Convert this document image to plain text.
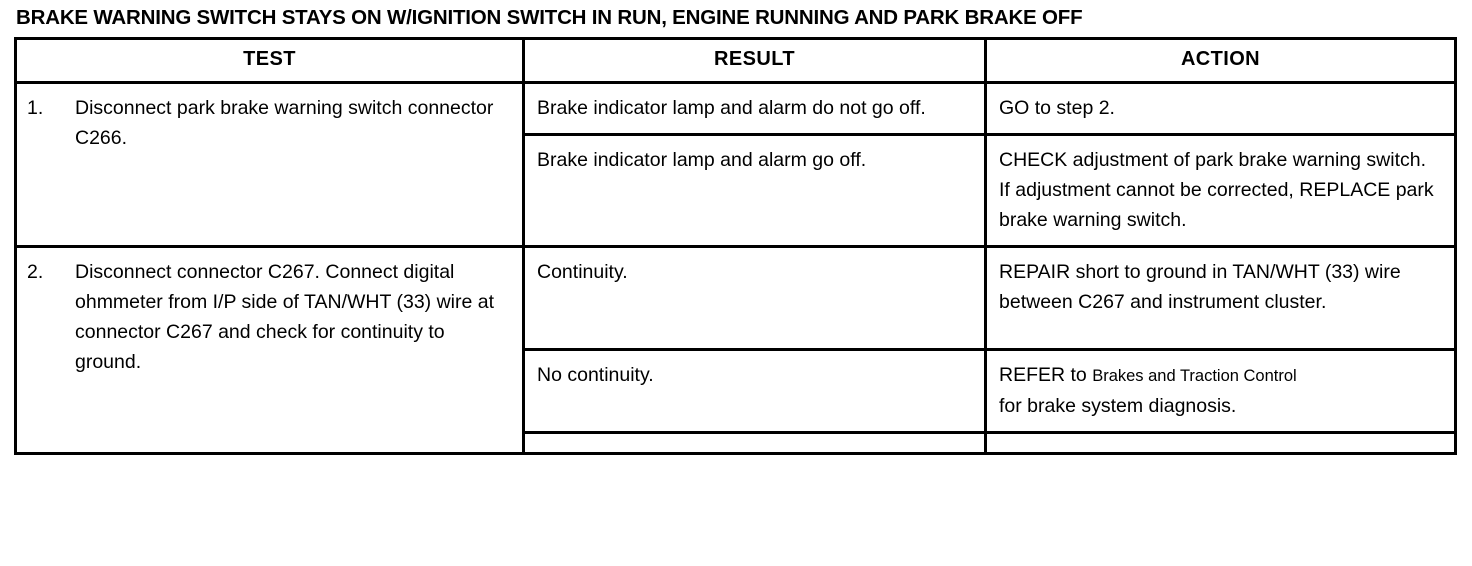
BRAKE WARNING SWITCH STAYS ON W/IGNITION SWITCH IN RUN, ENGINE RUNNING AND PARK BRAKE OFF
TEST	RESULT	ACTION

1. Disconnect park brake warning switch connector C266.	Brake indicator lamp and alarm do not go off.	GO to step 2.

	Brake indicator lamp and alarm go off.	CHECK adjustment of park brake warning switch. If adjustment cannot be corrected, REPLACE park brake warning switch.

2. Disconnect connector C267. Connect digital ohmmeter from I/P side of TAN/WHT (33) wire at connector C267 and check for continuity to ground.	Continuity.	REPAIR short to ground in TAN/WHT (33) wire between C267 and instrument cluster.

	No continuity.	REFER to Brakes and Traction Control
for brake system diagnosis.
